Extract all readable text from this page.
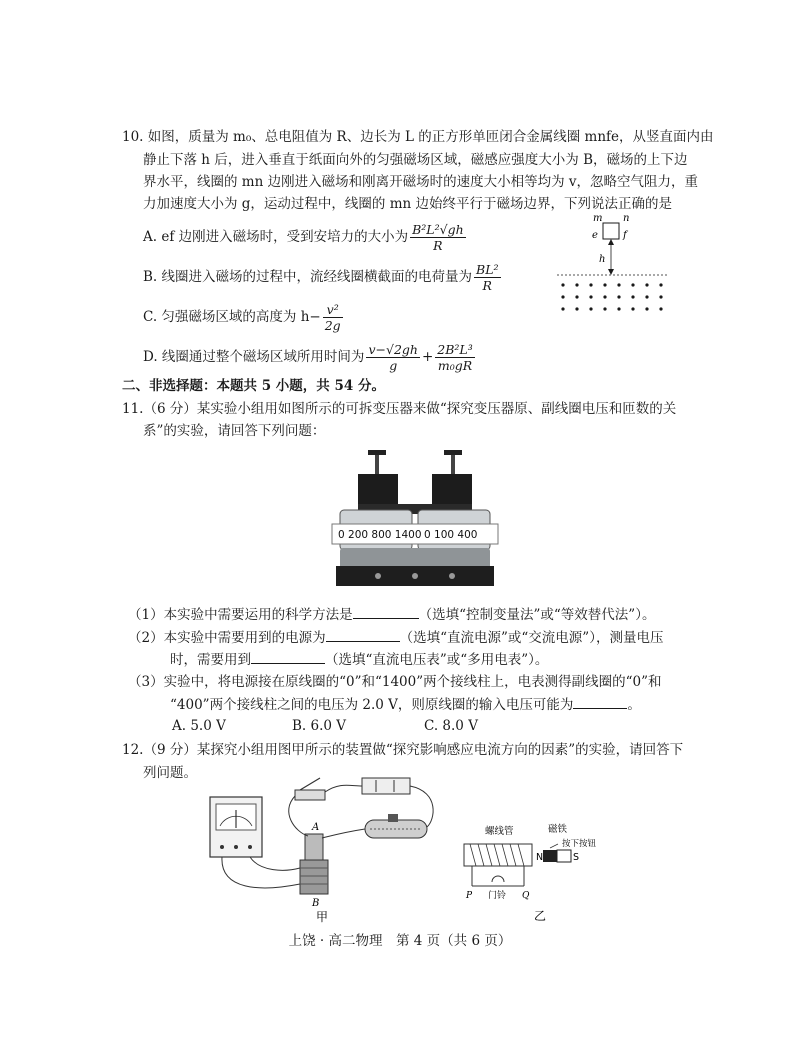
10. 如图，质量为 m₀、总电阻值为 R、边长为 L 的正方形单匝闭合金属线圈 mnfe，从竖直面内由
静止下落 h 后，进入垂直于纸面向外的匀强磁场区域，磁感应强度大小为 B，磁场的上下边
界水平，线圈的 mn 边刚进入磁场和刚离开磁场时的速度大小相等均为 v，忽略空气阻力，重
力加速度大小为 g，运动过程中，线圈的 mn 边始终平行于磁场边界，下列说法正确的是
A. ef 边刚进入磁场时，受到安培力的大小为 $\frac{\text{B²L²√gh}}{R}$
B. 线圈进入磁场的过程中，流经线圈横截面的电荷量为 $\frac{\text{BL²}}{R}$
C. 匀强磁场区域的高度为 $h- \frac{\text{v²}}{2g}$
D. 线圈通过整个磁场区域所用时间为 $\frac{v-√2gh}{g} + \frac{\text{2B²L³}}{\text{m₀gR}}$
m n
e	f
h
二、非选择题：本题共 5 小题，共 54 分。
11.（6 分）某实验小组用如图所示的可拆变压器来做“探究变压器原、副线圈电压和匝数的关
系”的实验，请回答下列问题：
0 200 800 1400 0 100 400
（1）本实验中需要运用的科学方法是	（选填“控制变量法”或“等效替代法”）。
（2）本实验中需要用到的电源为	（选填“直流电源”或“交流电源”），测量电压
时，需要用到	（选填“直流电压表”或“多用电表”）。
（3）实验中，将电源接在原线圈的“0”和“1400”两个接线柱上，电表测得副线圈的“0”和
“400”两个接线柱之间的电压为 2.0 V，则原线圈的输入电压可能为	。
A. 5.0 V	B. 6.0 V	C. 8.0 V
12.（9 分）某探究小组用图甲所示的装置做“探究影响感应电流方向的因素”的实验，请回答下
列问题。
A
B
甲
螺线管	磁铁
按下按钮
N	S
P 门铃 Q
乙
上饶 · 高二物理　第 4 页（共 6 页）
